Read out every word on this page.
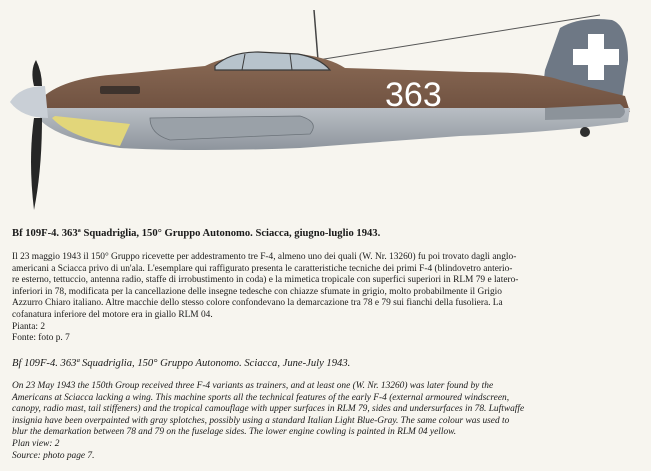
363
Bf 109F-4. 363ª Squadriglia, 150° Gruppo Autonomo. Sciacca, giugno-luglio 1943.
Il 23 maggio 1943 il 150° Gruppo ricevette per addestramento tre F-4, almeno uno dei quali (W. Nr. 13260) fu poi trovato dagli anglo-
americani a Sciacca privo di un'ala. L'esemplare qui raffigurato presenta le caratteristiche tecniche dei primi F-4 (blindovetro anterio-
re esterno, tettuccio, antenna radio, staffe di irrobustimento in coda) e la mimetica tropicale con superfici superiori in RLM 79 e latero-
inferiori in 78, modificata per la cancellazione delle insegne tedesche con chiazze sfumate in grigio, molto probabilmente il Grigio
Azzurro Chiaro italiano. Altre macchie dello stesso colore confondevano la demarcazione tra 78 e 79 sui fianchi della fusoliera. La
cofanatura inferiore del motore era in giallo RLM 04.
Pianta: 2
Fonte: foto p. 7
Bf 109F-4. 363ª Squadriglia, 150° Gruppo Autonomo. Sciacca, June-July 1943.
On 23 May 1943 the 150th Group received three F-4 variants as trainers, and at least one (W. Nr. 13260) was later found by the
Americans at Sciacca lacking a wing. This machine sports all the technical features of the early F-4 (external armoured windscreen,
canopy, radio mast, tail stiffeners) and the tropical camouflage with upper surfaces in RLM 79, sides and undersurfaces in 78. Luftwaffe
insignia have been overpainted with gray splotches, possibly using a standard Italian Light Blue-Gray. The same colour was used to
blur the demarkation between 78 and 79 on the fuselage sides. The lower engine cowling is painted in RLM 04 yellow.
Plan view: 2
Source: photo page 7.
